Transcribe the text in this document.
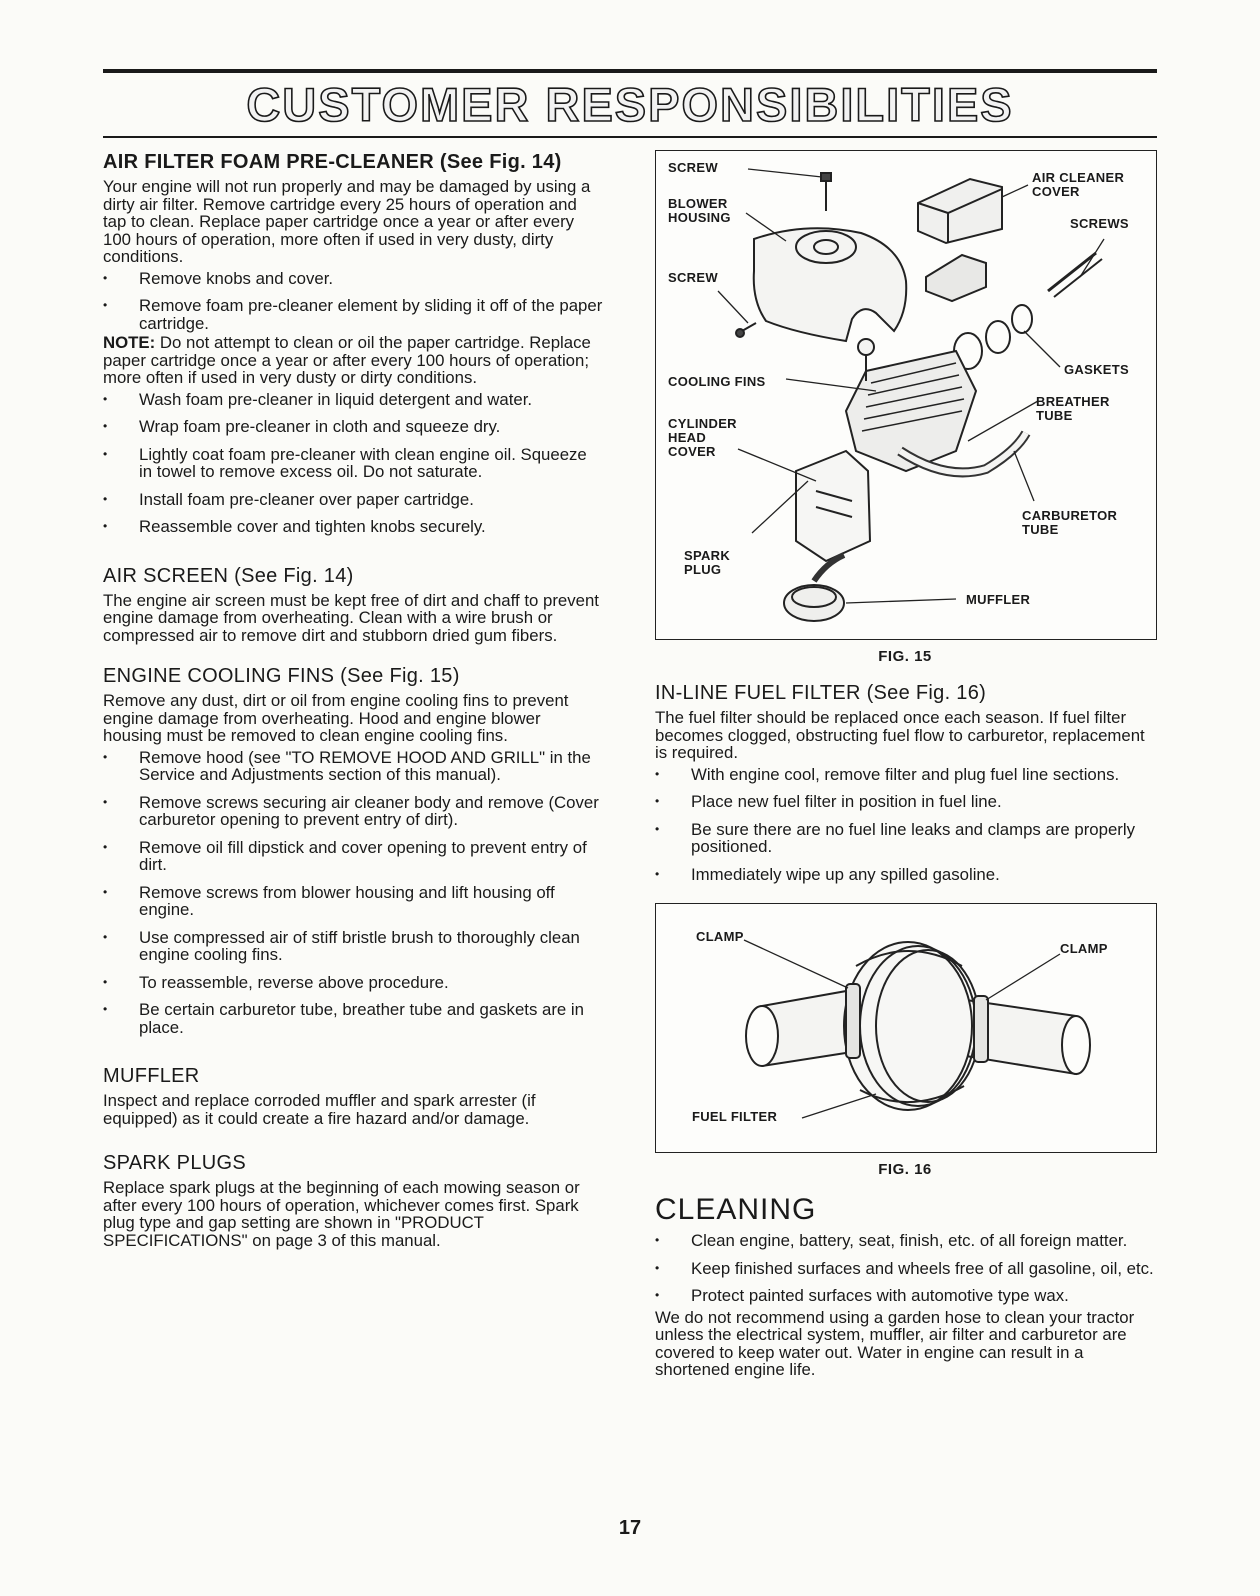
CUSTOMER RESPONSIBILITIES
AIR FILTER FOAM PRE-CLEANER (See Fig. 14)

Your engine will not run properly and may be damaged by using a dirty air filter. Remove cartridge every 25 hours of operation and tap to clean. Replace paper cartridge once a year or after every 100 hours of operation, more often if used in very dusty, dirty conditions.

• Remove knobs and cover.
• Remove foam pre-cleaner element by sliding it off of the paper cartridge.

NOTE: Do not attempt to clean or oil the paper cartridge. Replace paper cartridge once a year or after every 100 hours of operation; more often if used in very dusty or dirty conditions.

• Wash foam pre-cleaner in liquid detergent and water.
• Wrap foam pre-cleaner in cloth and squeeze dry.
• Lightly coat foam pre-cleaner with clean engine oil. Squeeze in towel to remove excess oil. Do not saturate.
• Install foam pre-cleaner over paper cartridge.
• Reassemble cover and tighten knobs securely.
AIR SCREEN (See Fig. 14)

The engine air screen must be kept free of dirt and chaff to prevent engine damage from overheating. Clean with a wire brush or compressed air to remove dirt and stubborn dried gum fibers.

ENGINE COOLING FINS (See Fig. 15)

Remove any dust, dirt or oil from engine cooling fins to prevent engine damage from overheating. Hood and engine blower housing must be removed to clean engine cooling fins.

• Remove hood (see "TO REMOVE HOOD AND GRILL" in the Service and Adjustments section of this manual).
• Remove screws securing air cleaner body and remove (Cover carburetor opening to prevent entry of dirt).
• Remove oil fill dipstick and cover opening to prevent entry of dirt.
• Remove screws from blower housing and lift housing off engine.
• Use compressed air of stiff bristle brush to thoroughly clean engine cooling fins.
• To reassemble, reverse above procedure.
• Be certain carburetor tube, breather tube and gaskets are in place.
MUFFLER

Inspect and replace corroded muffler and spark arrester (if equipped) as it could create a fire hazard and/or damage.

SPARK PLUGS

Replace spark plugs at the beginning of each mowing season or after every 100 hours of operation, whichever comes first. Spark plug type and gap setting are shown in "PRODUCT SPECIFICATIONS" on page 3 of this manual.

SCREW
BLOWER HOUSING
SCREW
COOLING FINS
CYLINDER HEAD COVER
SPARK PLUG
AIR CLEANER COVER
SCREWS
GASKETS
BREATHER TUBE
CARBURETOR TUBE
MUFFLER
FIG. 15
IN-LINE FUEL FILTER (See Fig. 16)

The fuel filter should be replaced once each season. If fuel filter becomes clogged, obstructing fuel flow to carburetor, replacement is required.

• With engine cool, remove filter and plug fuel line sections.
• Place new fuel filter in position in fuel line.
• Be sure there are no fuel line leaks and clamps are properly positioned.
• Immediately wipe up any spilled gasoline.
CLAMP
CLAMP
FUEL FILTER
FIG. 16
CLEANING
• Clean engine, battery, seat, finish, etc. of all foreign matter.
• Keep finished surfaces and wheels free of all gasoline, oil, etc.
• Protect painted surfaces with automotive type wax.

We do not recommend using a garden hose to clean your tractor unless the electrical system, muffler, air filter and carburetor are covered to keep water out. Water in engine can result in a shortened engine life.

17
